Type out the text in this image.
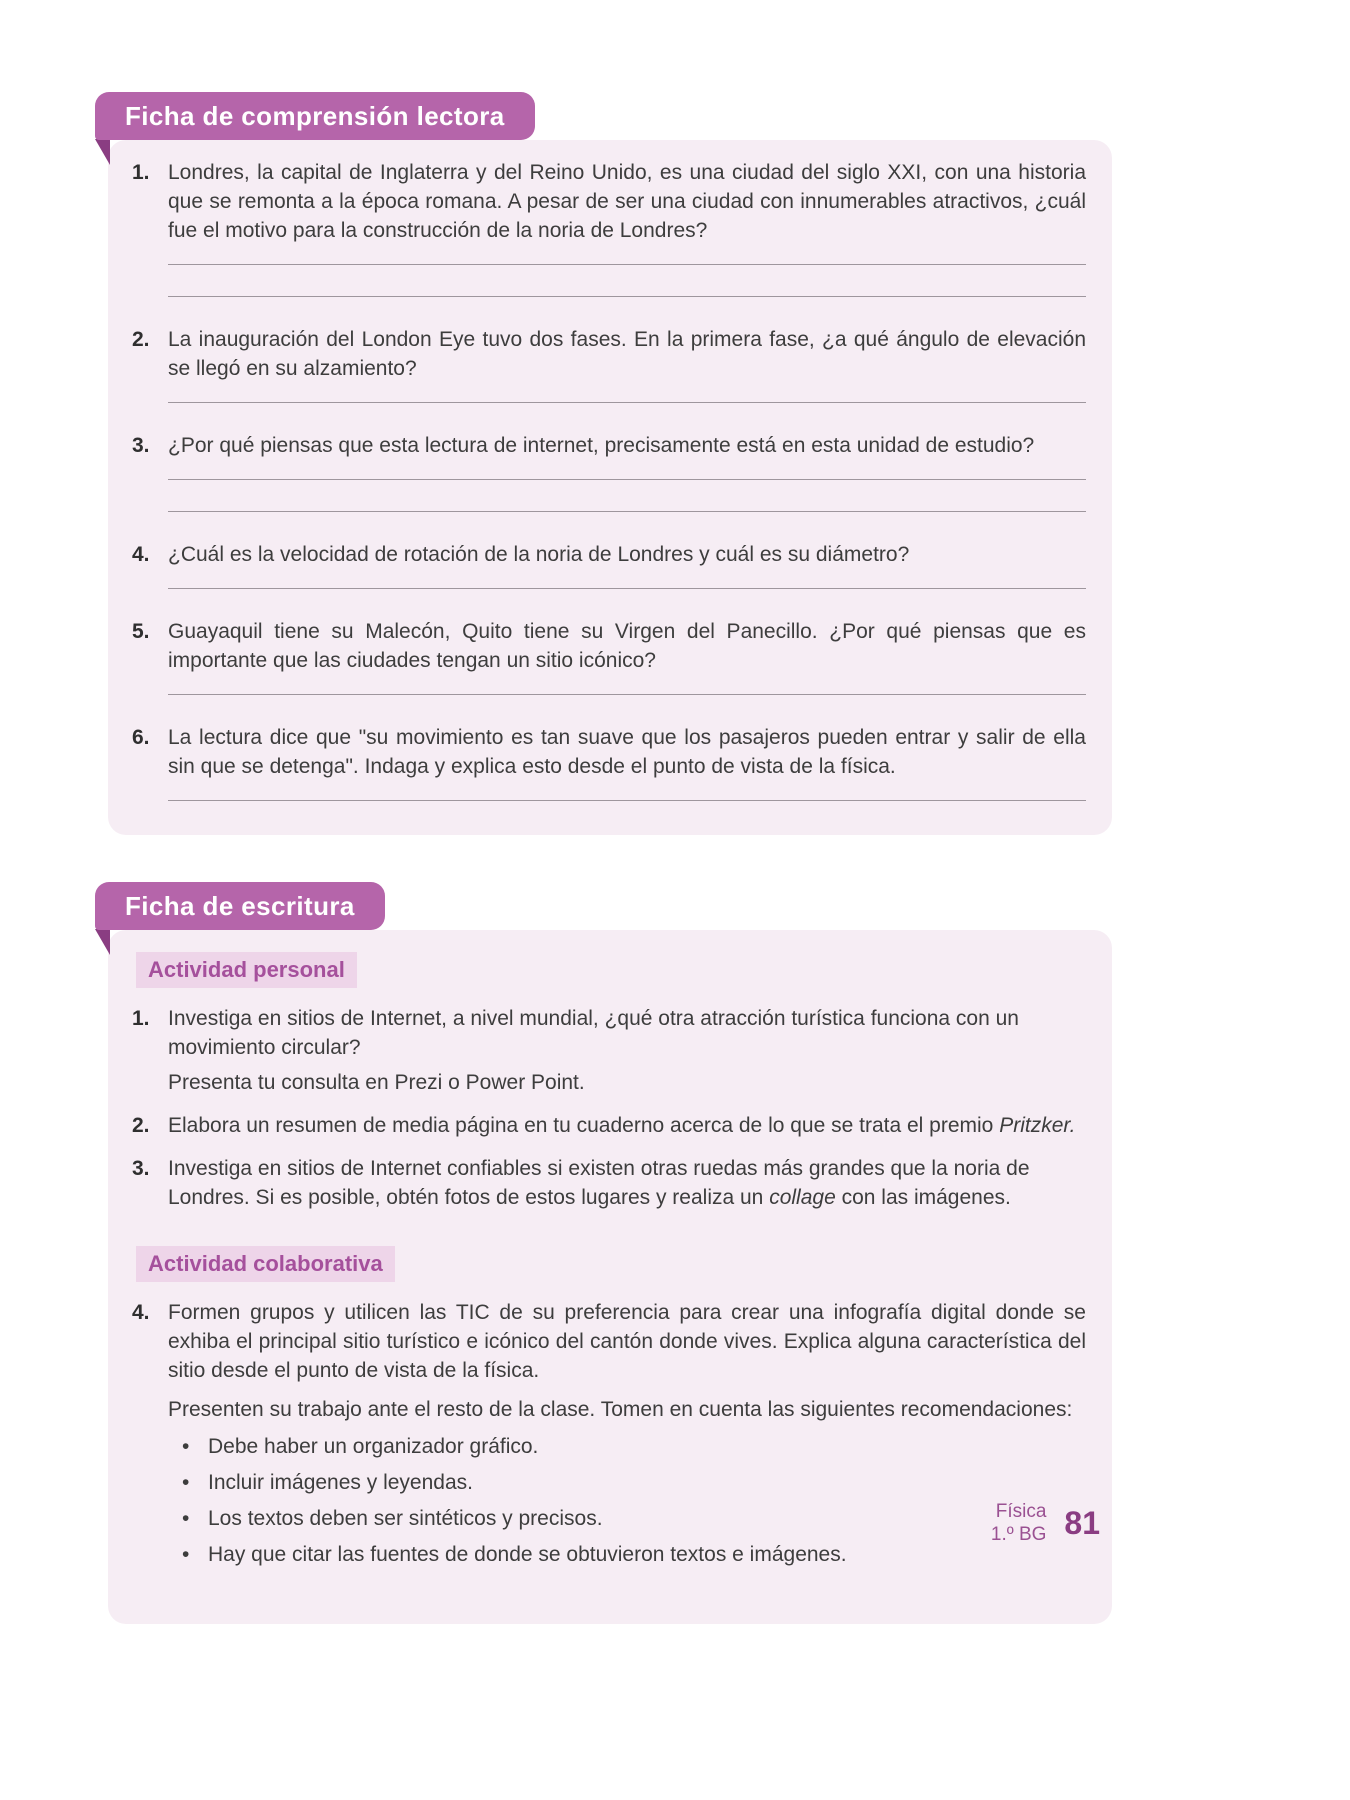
Ficha de comprensión lectora
1. Londres, la capital de Inglaterra y del Reino Unido, es una ciudad del siglo XXI, con una historia que se remonta a la época romana. A pesar de ser una ciudad con innumerables atractivos, ¿cuál fue el motivo para la construcción de la noria de Londres?
2. La inauguración del London Eye tuvo dos fases. En la primera fase, ¿a qué ángulo de elevación se llegó en su alzamiento?
3. ¿Por qué piensas que esta lectura de internet, precisamente está en esta unidad de estudio?
4. ¿Cuál es la velocidad de rotación de la noria de Londres y cuál es su diámetro?
5. Guayaquil tiene su Malecón, Quito tiene su Virgen del Panecillo. ¿Por qué piensas que es importante que las ciudades tengan un sitio icónico?
6. La lectura dice que "su movimiento es tan suave que los pasajeros pueden entrar y salir de ella sin que se detenga". Indaga y explica esto desde el punto de vista de la física.
Ficha de escritura
Actividad personal
1. Investiga en sitios de Internet, a nivel mundial, ¿qué otra atracción turística funciona con un movimiento circular?
Presenta tu consulta en Prezi o Power Point.
2. Elabora un resumen de media página en tu cuaderno acerca de lo que se trata el premio Pritzker.
3. Investiga en sitios de Internet confiables si existen otras ruedas más grandes que la noria de Londres. Si es posible, obtén fotos de estos lugares y realiza un collage con las imágenes.
Actividad colaborativa
4. Formen grupos y utilicen las TIC de su preferencia para crear una infografía digital donde se exhiba el principal sitio turístico e icónico del cantón donde vives. Explica alguna característica del sitio desde el punto de vista de la física.
Presenten su trabajo ante el resto de la clase. Tomen en cuenta las siguientes recomendaciones:
• Debe haber un organizador gráfico.
• Incluir imágenes y leyendas.
• Los textos deben ser sintéticos y precisos.
• Hay que citar las fuentes de donde se obtuvieron textos e imágenes.
Física
1.º BG 81
